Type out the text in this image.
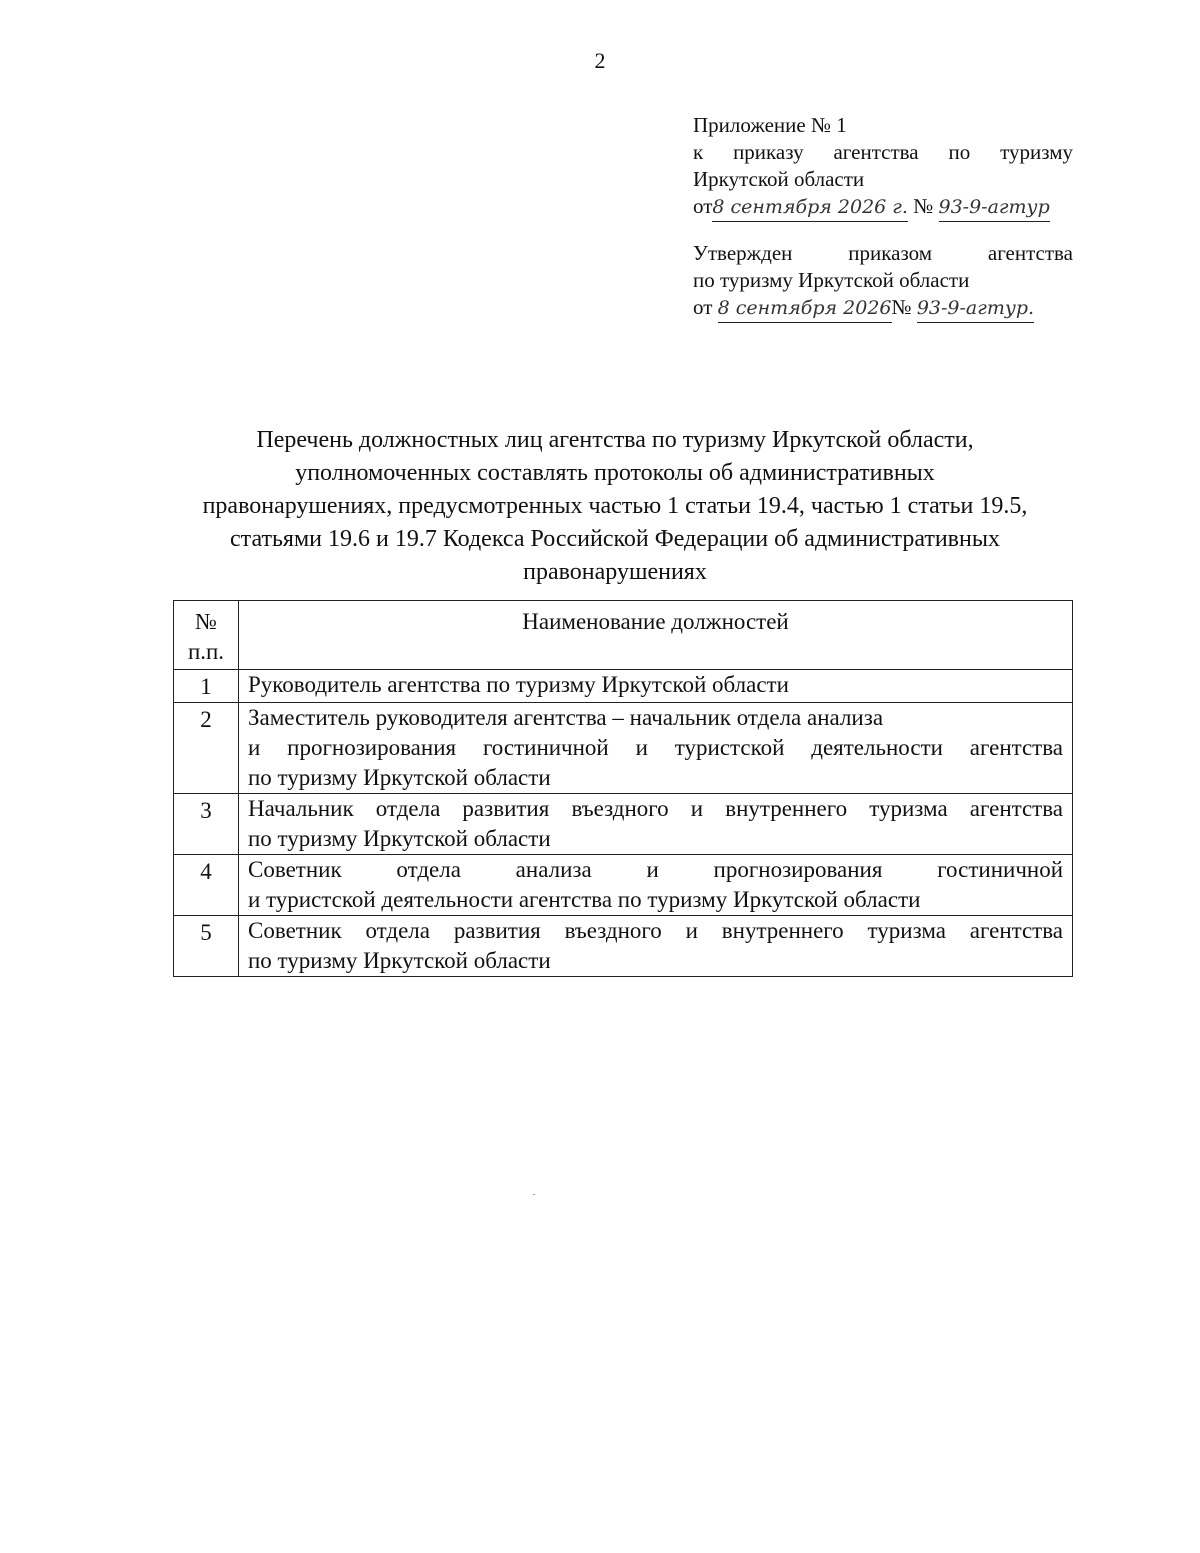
2
Приложение № 1
к приказу агентства по туризму
Иркутской области
от8 сентября 2026 г. № 93-9-агтур
Утвержден приказом агентства
по туризму Иркутской области
от 8 сентября 2026№ 93-9-агтур.
Перечень должностных лиц агентства по туризму Иркутской области,
уполномоченных составлять протоколы об административных
правонарушениях, предусмотренных частью 1 статьи 19.4, частью 1 статьи 19.5,
статьями 19.6 и 19.7 Кодекса Российской Федерации об административных
правонарушениях
№
п.п.	Наименование должностей
1	Руководитель агентства по туризму Иркутской области

2	Заместитель руководителя агентства – начальник отдела анализа
и прогнозирования гостиничной и туристской деятельности агентства
по туризму Иркутской области

3	Начальник отдела развития въездного и внутреннего туризма агентства
по туризму Иркутской области

4	Советник отдела анализа и прогнозирования гостиничной
и туристской деятельности агентства по туризму Иркутской области

5	Советник отдела развития въездного и внутреннего туризма агентства
по туризму Иркутской области
